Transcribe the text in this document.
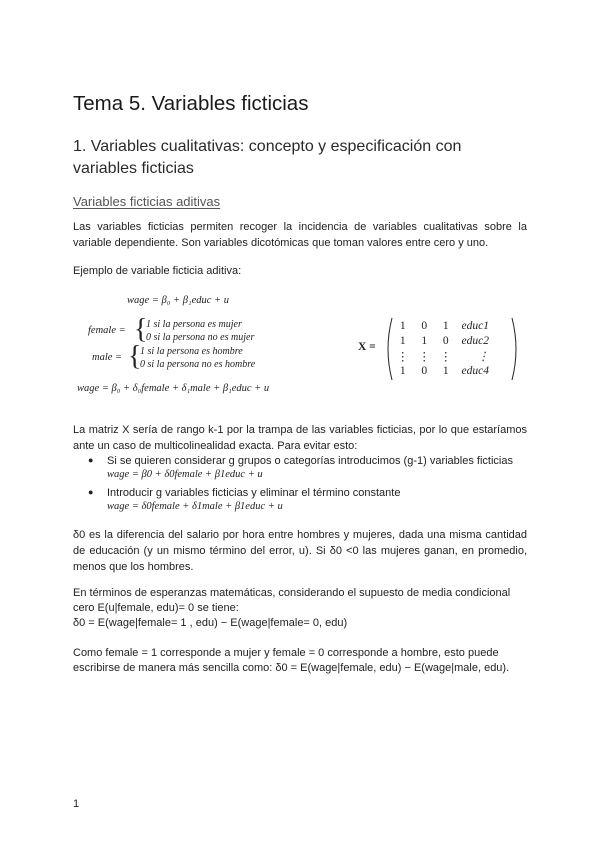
Tema 5. Variables ficticias
1. Variables cualitativas: concepto y especificación con variables ficticias
Variables ficticias aditivas
Las variables ficticias permiten recoger la incidencia de variables cualitativas sobre la variable dependiente. Son variables dicotómicas que toman valores entre cero y uno.
Ejemplo de variable ficticia aditiva:
wage = β₀ + β₁educ + u
female = {
1 si la persona es mujer
0 si la persona no es mujer
male = {
1 si la persona es hombre
0 si la persona no es hombre
wage = β₀ + δ₀female + δ₁male + β₁educ + u
X =
1	0	1	educ1
1	1	0	educ2
⋮	⋮	⋮	⋮
1	0	1	educ4
La matriz X sería de rango k-1 por la trampa de las variables ficticias, por lo que estaríamos ante un caso de multicolinealidad exacta. Para evitar esto:
● Si se quieren considerar g grupos o categorías introducimos (g-1) variables ficticias
wage = β0 + δ0female + β1educ + u
● Introducir g variables ficticias y eliminar el término constante
wage = δ0female + δ1male + β1educ + u
δ0 es la diferencia del salario por hora entre hombres y mujeres, dada una misma cantidad de educación (y un mismo término del error, u). Si δ0 <0 las mujeres ganan, en promedio, menos que los hombres.
En términos de esperanzas matemáticas, considerando el supuesto de media condicional
cero E(u|female, edu)= 0 se tiene:
δ0 = E(wage|female= 1 , edu) − E(wage|female= 0, edu)
Como female = 1 corresponde a mujer y female = 0 corresponde a hombre, esto puede
escribirse de manera más sencilla como: δ0 = E(wage|female, edu) − E(wage|male, edu).
1
